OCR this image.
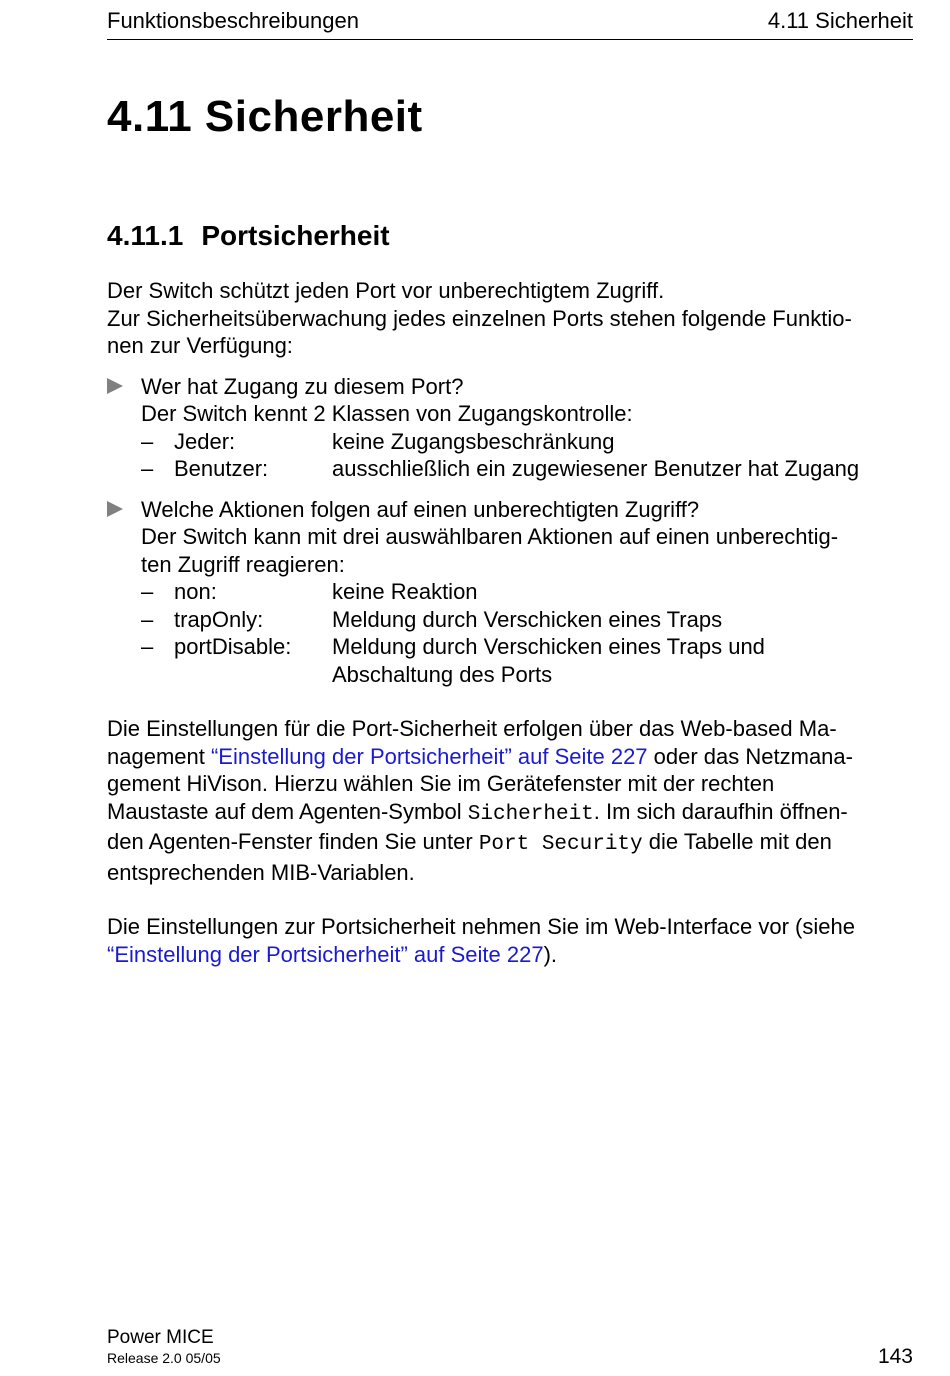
Funktionsbeschreibungen	4.11 Sicherheit
4.11 Sicherheit
4.11.1 Portsicherheit

Der Switch schützt jeden Port vor unberechtigtem Zugriff.

Zur Sicherheitsüberwachung jedes einzelnen Ports stehen folgende Funktio-

nen zur Verfügung:

Wer hat Zugang zu diesem Port?

Der Switch kennt 2 Klassen von Zugangskontrolle:

– Jeder:	keine Zugangsbeschränkung
– Benutzer:	ausschließlich ein zugewiesener Benutzer hat Zugang

Welche Aktionen folgen auf einen unberechtigten Zugriff?

Der Switch kann mit drei auswählbaren Aktionen auf einen unberechtig-

ten Zugriff reagieren:

– non:	keine Reaktion
– trapOnly:	Meldung durch Verschicken eines Traps
– portDisable: Meldung durch Verschicken eines Traps und
Abschaltung des Ports

Die Einstellungen für die Port-Sicherheit erfolgen über das Web-based Ma-

nagement “Einstellung der Portsicherheit” auf Seite 227 oder das Netzmana-

gement HiVison. Hierzu wählen Sie im Gerätefenster mit der rechten

Maustaste auf dem Agenten-Symbol Sicherheit. Im sich daraufhin öffnen-

den Agenten-Fenster finden Sie unter Port Security die Tabelle mit den

entsprechenden MIB-Variablen.

Die Einstellungen zur Portsicherheit nehmen Sie im Web-Interface vor (siehe

“Einstellung der Portsicherheit” auf Seite 227).

Power MICE
Release 2.0 05/05	143
